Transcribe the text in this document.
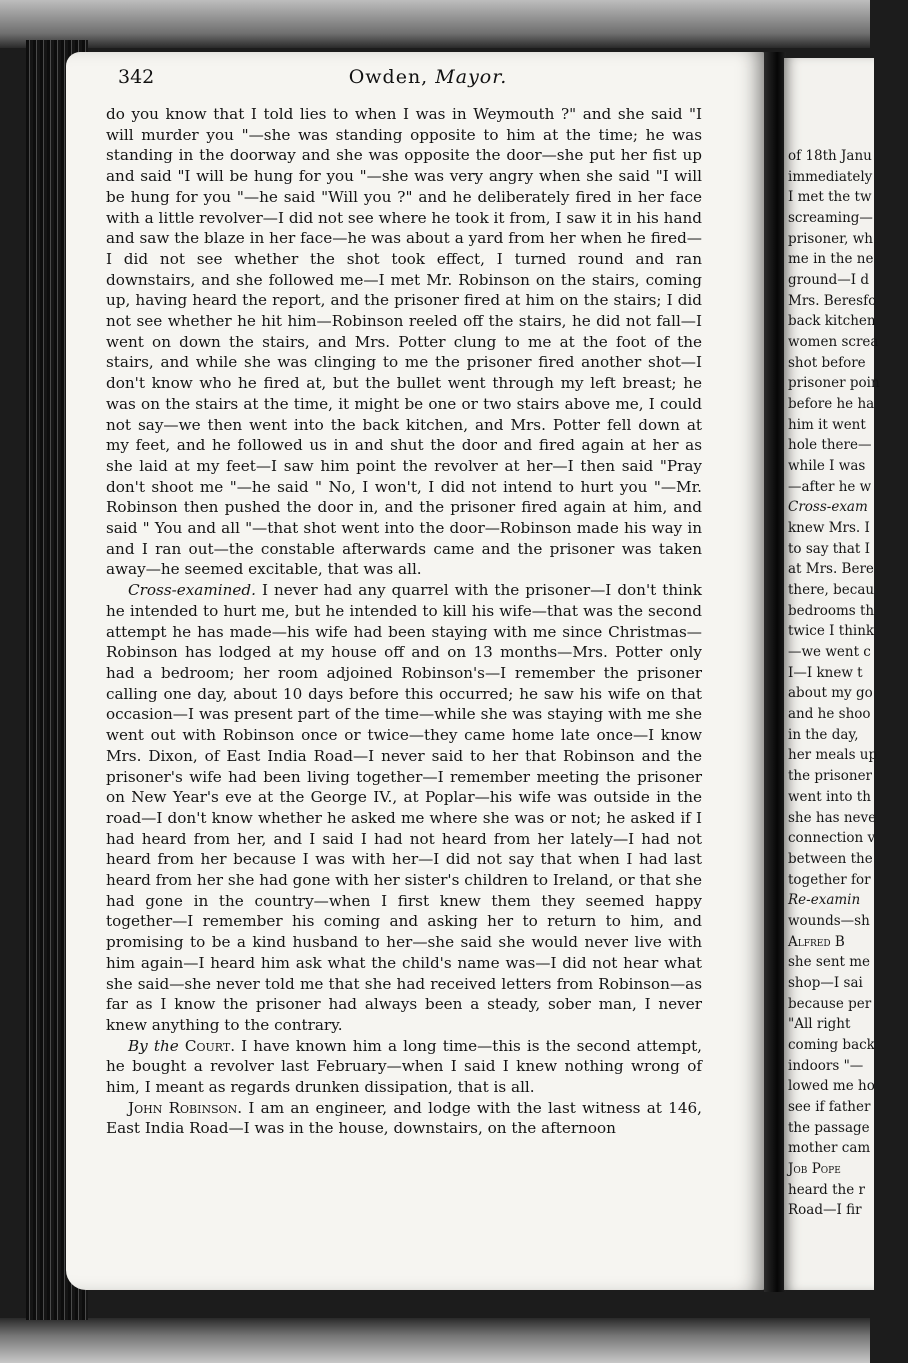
of 18th Janu
immediately
I met the tw
screaming—
prisoner, wh
me in the ne
ground—I d
Mrs. Beresfo
back kitchen
women screa
shot before
prisoner poin
before he ha
him it went
hole there—
while I was
—after he w
Cross-exam
knew Mrs. I
to say that I
at Mrs. Bere
there, becau
bedrooms th
twice I think
—we went c
I—I knew t
about my go
and he shoo
in the day,
her meals up
the prisoner
went into th
she has neve
connection v
between the
together for
Re-examin
wounds—sh
Alfred B
she sent me
shop—I sai
because per
"All right
coming back
indoors "—
lowed me ho
see if father
the passage
mother cam
Job Pope
heard the r
Road—I fir
342	Owden, Mayor.

do you know that I told lies to when I was in Weymouth ?" and she said "I will murder you "—she was standing opposite to him at the time; he was standing in the doorway and she was opposite the door—she put her fist up and said "I will be hung for you "—she was very angry when she said "I will be hung for you "—he said "Will you ?" and he deliberately fired in her face with a little revolver—I did not see where he took it from, I saw it in his hand and saw the blaze in her face—he was about a yard from her when he fired—I did not see whether the shot took effect, I turned round and ran downstairs, and she followed me—I met Mr. Robinson on the stairs, coming up, having heard the report, and the prisoner fired at him on the stairs; I did not see whether he hit him—Robinson reeled off the stairs, he did not fall—I went on down the stairs, and Mrs. Potter clung to me at the foot of the stairs, and while she was clinging to me the prisoner fired another shot—I don't know who he fired at, but the bullet went through my left breast; he was on the stairs at the time, it might be one or two stairs above me, I could not say—we then went into the back kitchen, and Mrs. Potter fell down at my feet, and he followed us in and shut the door and fired again at her as she laid at my feet—I saw him point the revolver at her—I then said "Pray don't shoot me "—he said " No, I won't, I did not intend to hurt you "—Mr. Robinson then pushed the door in, and the prisoner fired again at him, and said " You and all "—that shot went into the door—Robinson made his way in and I ran out—the constable afterwards came and the prisoner was taken away—he seemed excitable, that was all.

Cross-examined. I never had any quarrel with the prisoner—I don't think he intended to hurt me, but he intended to kill his wife—that was the second attempt he has made—his wife had been staying with me since Christmas—Robinson has lodged at my house off and on 13 months—Mrs. Potter only had a bedroom; her room adjoined Robinson's—I remember the prisoner calling one day, about 10 days before this occurred; he saw his wife on that occasion—I was present part of the time—while she was staying with me she went out with Robinson once or twice—they came home late once—I know Mrs. Dixon, of East India Road—I never said to her that Robinson and the prisoner's wife had been living together—I remember meeting the prisoner on New Year's eve at the George IV., at Poplar—his wife was outside in the road—I don't know whether he asked me where she was or not; he asked if I had heard from her, and I said I had not heard from her lately—I had not heard from her because I was with her—I did not say that when I had last heard from her she had gone with her sister's children to Ireland, or that she had gone in the country—when I first knew them they seemed happy together—I remember his coming and asking her to return to him, and promising to be a kind husband to her—she said she would never live with him again—I heard him ask what the child's name was—I did not hear what she said—she never told me that she had received letters from Robinson—as far as I know the prisoner had always been a steady, sober man, I never knew anything to the contrary.

By the Court. I have known him a long time—this is the second attempt, he bought a revolver last February—when I said I knew nothing wrong of him, I meant as regards drunken dissipation, that is all.

John Robinson. I am an engineer, and lodge with the last witness at 146, East India Road—I was in the house, downstairs, on the afternoon
